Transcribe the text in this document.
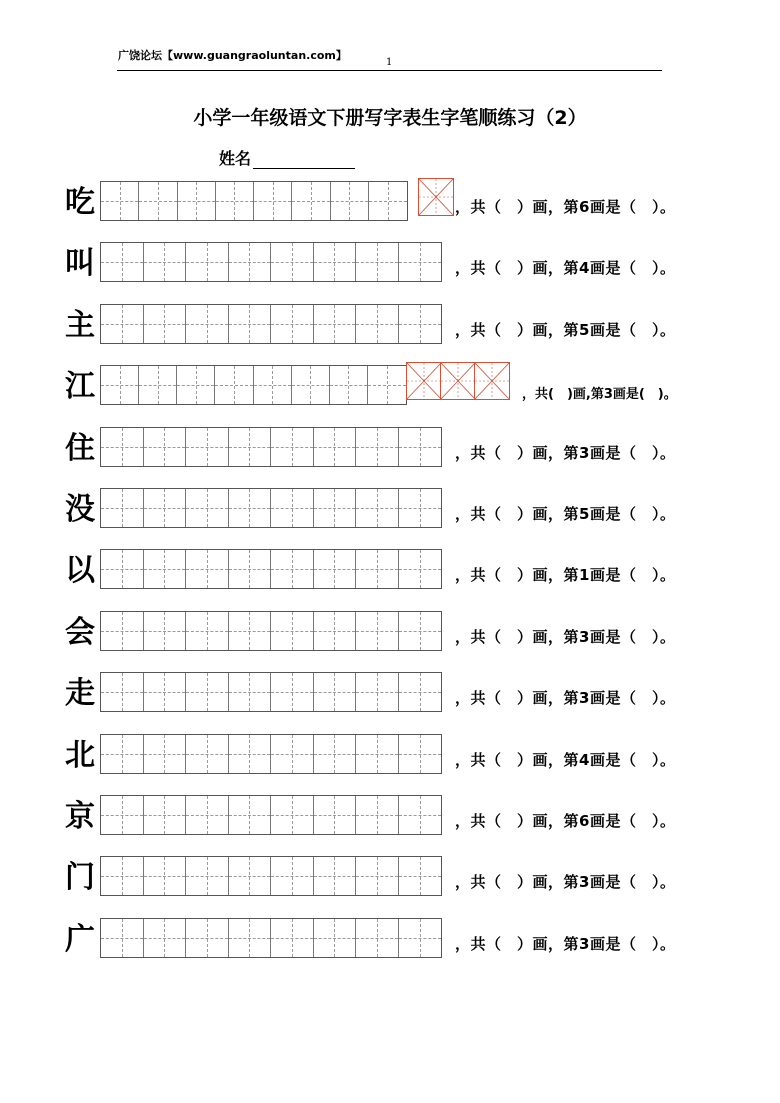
广饶论坛【www.guangraoluntan.com】
1
小学一年级语文下册写字表生字笔顺练习（2）
姓名
吃	，共（　）画，第6画是（　）。
叫	，共（　）画，第4画是（　）。
主	，共（　）画，第5画是（　）。
江	，共(　)画,第3画是(　)。
住	，共（　）画，第3画是（　）。
没	，共（　）画，第5画是（　）。
以	，共（　）画，第1画是（　）。
会	，共（　）画，第3画是（　）。
走	，共（　）画，第3画是（　）。
北	，共（　）画，第4画是（　）。
京	，共（　）画，第6画是（　）。
门	，共（　）画，第3画是（　）。
广	，共（　）画，第3画是（　）。
